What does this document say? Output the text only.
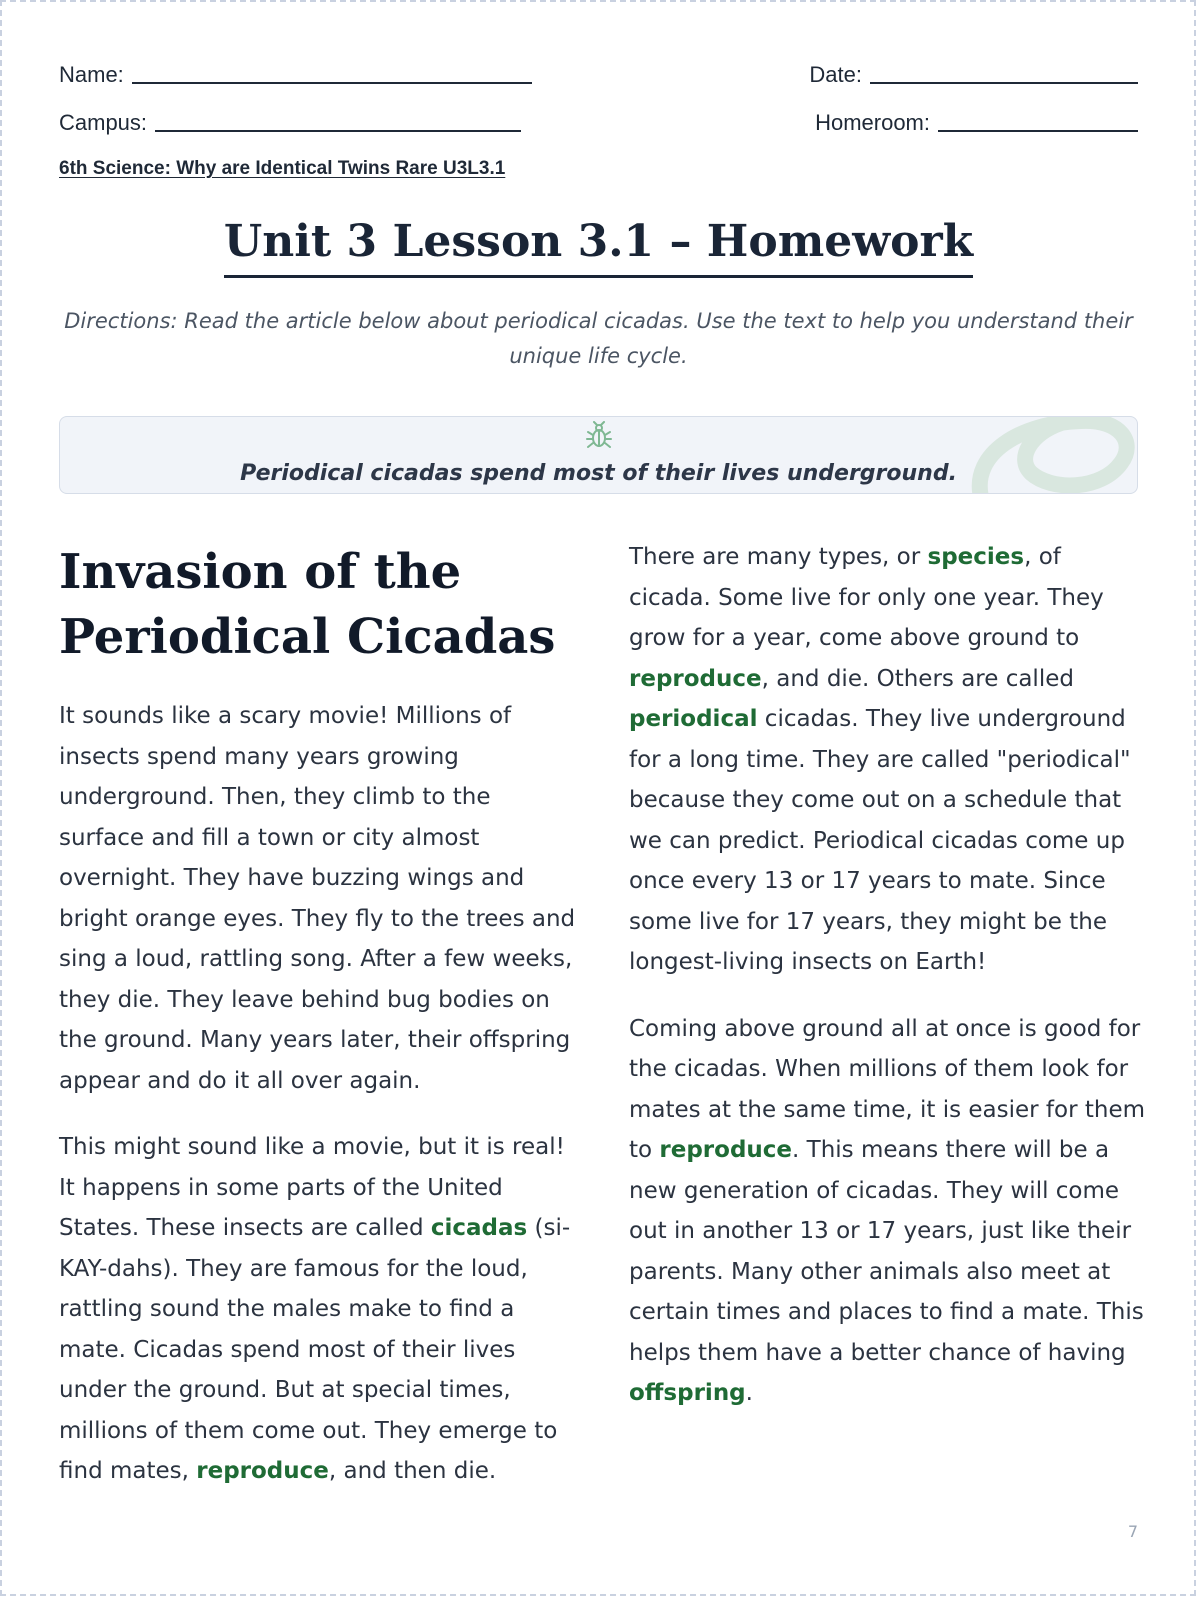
Name:	Date:
Campus:	Homeroom:
6th Science: Why are Identical Twins Rare U3L3.1
Unit 3 Lesson 3.1 – Homework
Directions: Read the article below about periodical cicadas. Use the text to help you understand their unique life cycle.
Periodical cicadas spend most of their lives underground.
Invasion of the Periodical Cicadas

It sounds like a scary movie! Millions of insects spend many years growing underground. Then, they climb to the surface and fill a town or city almost overnight. They have buzzing wings and bright orange eyes. They fly to the trees and sing a loud, rattling song. After a few weeks, they die. They leave behind bug bodies on the ground. Many years later, their offspring appear and do it all over again.

This might sound like a movie, but it is real! It happens in some parts of the United States. These insects are called cicadas (si-KAY-dahs). They are famous for the loud, rattling sound the males make to find a mate. Cicadas spend most of their lives under the ground. But at special times, millions of them come out. They emerge to find mates, reproduce, and then die.

There are many types, or species, of cicada. Some live for only one year. They grow for a year, come above ground to reproduce, and die. Others are called periodical cicadas. They live underground for a long time. They are called "periodical" because they come out on a schedule that we can predict. Periodical cicadas come up once every 13 or 17 years to mate. Since some live for 17 years, they might be the longest-living insects on Earth!

Coming above ground all at once is good for the cicadas. When millions of them look for mates at the same time, it is easier for them to reproduce. This means there will be a new generation of cicadas. They will come out in another 13 or 17 years, just like their parents. Many other animals also meet at certain times and places to find a mate. This helps them have a better chance of having offspring.

7
